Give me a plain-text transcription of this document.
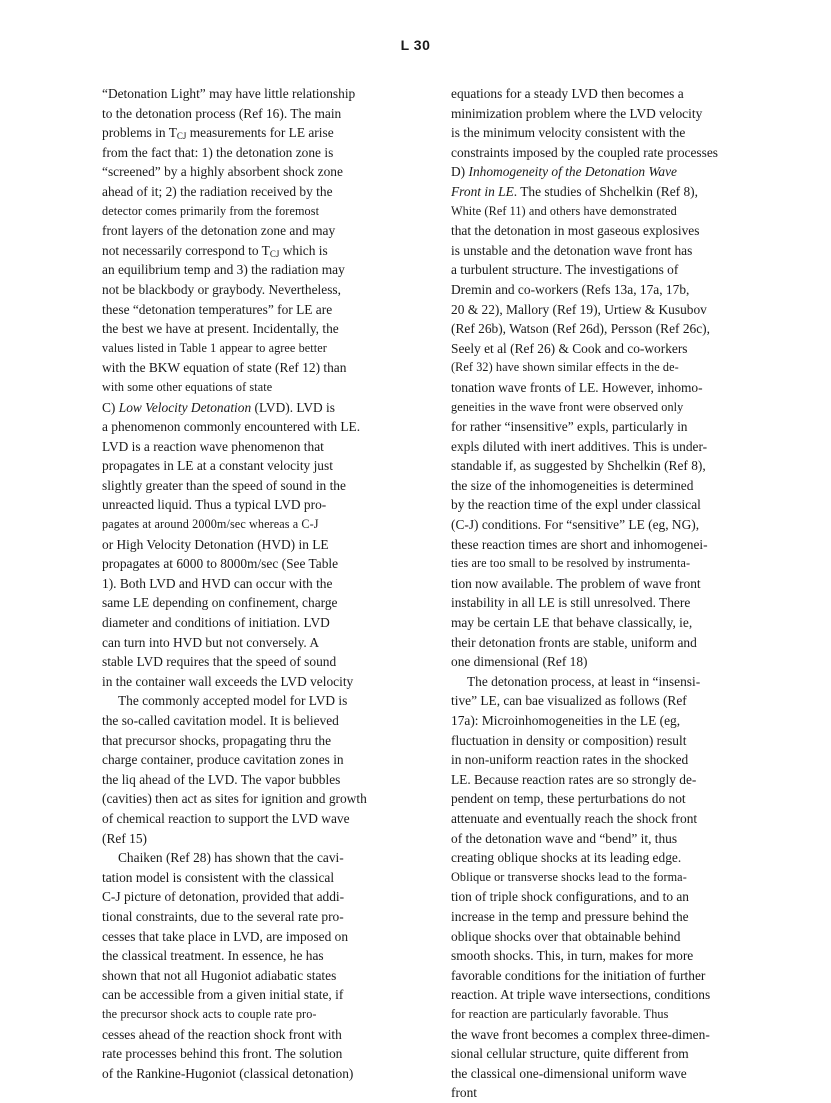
L 30
“Detonation Light” may have little relationship
to the detonation process (Ref 16). The main
problems in $T_{CJ}$ measurements for LE arise
from the fact that: 1) the detonation zone is
“screened” by a highly absorbent shock zone
ahead of it; 2) the radiation received by the
detector comes primarily from the foremost
front layers of the detonation zone and may
not necessarily correspond to $T_{CJ}$ which is
an equilibrium temp and 3) the radiation may
not be blackbody or graybody. Nevertheless,
these “detonation temperatures” for LE are
the best we have at present. Incidentally, the
values listed in Table 1 appear to agree better
with the BKW equation of state (Ref 12) than
with some other equations of state
C) Low Velocity Detonation (LVD). LVD is
a phenomenon commonly encountered with LE.
LVD is a reaction wave phenomenon that
propagates in LE at a constant velocity just
slightly greater than the speed of sound in the
unreacted liquid. Thus a typical LVD pro-
pagates at around 2000m/sec whereas a C-J
or High Velocity Detonation (HVD) in LE
propagates at 6000 to 8000m/sec (See Table
1). Both LVD and HVD can occur with the
same LE depending on confinement, charge
diameter and conditions of initiation. LVD
can turn into HVD but not conversely. A
stable LVD requires that the speed of sound
in the container wall exceeds the LVD velocity
The commonly accepted model for LVD is
the so-called cavitation model. It is believed
that precursor shocks, propagating thru the
charge container, produce cavitation zones in
the liq ahead of the LVD. The vapor bubbles
(cavities) then act as sites for ignition and growth
of chemical reaction to support the LVD wave
(Ref 15)
Chaiken (Ref 28) has shown that the cavi-
tation model is consistent with the classical
C-J picture of detonation, provided that addi-
tional constraints, due to the several rate pro-
cesses that take place in LVD, are imposed on
the classical treatment. In essence, he has
shown that not all Hugoniot adiabatic states
can be accessible from a given initial state, if
the precursor shock acts to couple rate pro-
cesses ahead of the reaction shock front with
rate processes behind this front. The solution
of the Rankine-Hugoniot (classical detonation)
equations for a steady LVD then becomes a
minimization problem where the LVD velocity
is the minimum velocity consistent with the
constraints imposed by the coupled rate processes
D) Inhomogeneity of the Detonation Wave
Front in LE. The studies of Shchelkin (Ref 8),
White (Ref 11) and others have demonstrated
that the detonation in most gaseous explosives
is unstable and the detonation wave front has
a turbulent structure. The investigations of
Dremin and co-workers (Refs 13a, 17a, 17b,
20 & 22), Mallory (Ref 19), Urtiew & Kusubov
(Ref 26b), Watson (Ref 26d), Persson (Ref 26c),
Seely et al (Ref 26) & Cook and co-workers
(Ref 32) have shown similar effects in the de-
tonation wave fronts of LE. However, inhomo-
geneities in the wave front were observed only
for rather “insensitive” expls, particularly in
expls diluted with inert additives. This is under-
standable if, as suggested by Shchelkin (Ref 8),
the size of the inhomogeneities is determined
by the reaction time of the expl under classical
(C-J) conditions. For “sensitive” LE (eg, NG),
these reaction times are short and inhomogenei-
ties are too small to be resolved by instrumenta-
tion now available. The problem of wave front
instability in all LE is still unresolved. There
may be certain LE that behave classically, ie,
their detonation fronts are stable, uniform and
one dimensional (Ref 18)
The detonation process, at least in “insensi-
tive” LE, can bae visualized as follows (Ref
17a): Microinhomogeneities in the LE (eg,
fluctuation in density or composition) result
in non-uniform reaction rates in the shocked
LE. Because reaction rates are so strongly de-
pendent on temp, these perturbations do not
attenuate and eventually reach the shock front
of the detonation wave and “bend” it, thus
creating oblique shocks at its leading edge.
Oblique or transverse shocks lead to the forma-
tion of triple shock configurations, and to an
increase in the temp and pressure behind the
oblique shocks over that obtainable behind
smooth shocks. This, in turn, makes for more
favorable conditions for the initiation of further
reaction. At triple wave intersections, conditions
for reaction are particularly favorable. Thus
the wave front becomes a complex three-dimen-
sional cellular structure, quite different from
the classical one-dimensional uniform wave
front
